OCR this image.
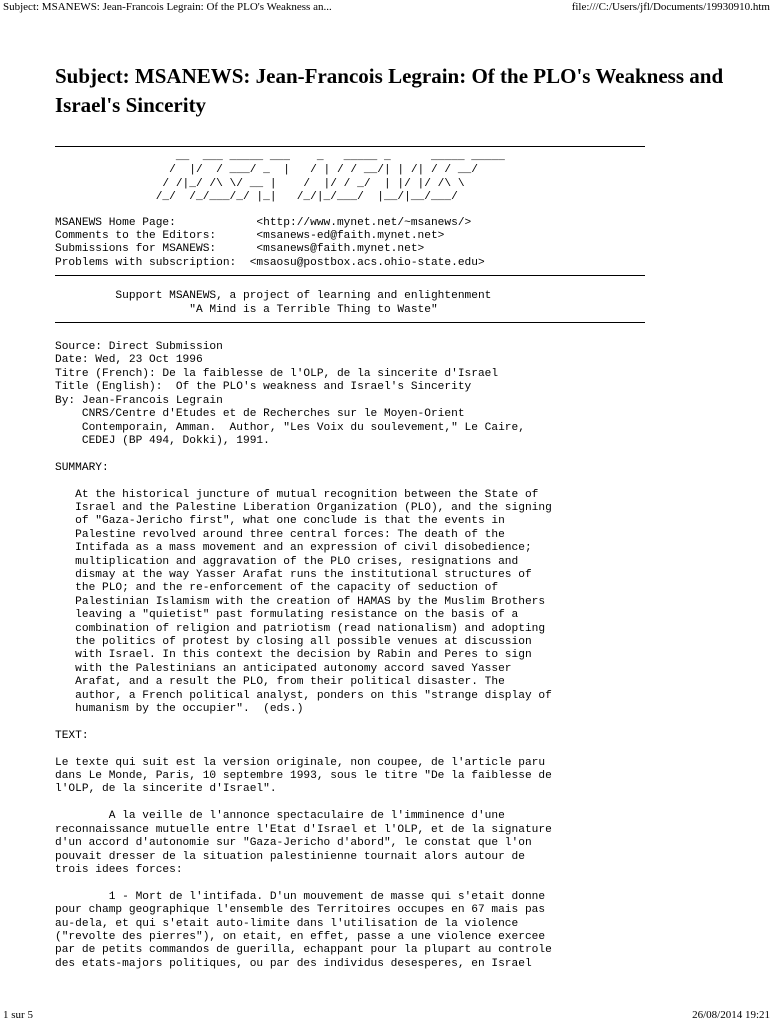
Subject: MSANEWS: Jean-Francois Legrain: Of the PLO's Weakness an...	file:///C:/Users/jfl/Documents/19930910.htm
Subject: MSANEWS: Jean-Francois Legrain: Of the PLO's Weakness and
Israel's Sincerity
__  ___ _____ ___    _   _____ _      _____ _____
/  |/  / ___/ _  |   / | / / __/| | /| / / __/
/ /|_/ /\ \/ __ |    /  |/ / _/  | |/ |/ /\ \
/_/  /_/___/_/ |_|   /_/|_/___/  |__/|__/___/
MSANEWS Home Page:            <http://www.mynet.net/~msanews/>
Comments to the Editors:      <msanews-ed@faith.mynet.net>
Submissions for MSANEWS:      <msanews@faith.mynet.net>
Problems with subscription:  <msaosu@postbox.acs.ohio-state.edu>
Support MSANEWS, a project of learning and enlightenment
"A Mind is a Terrible Thing to Waste"
Source: Direct Submission
Date: Wed, 23 Oct 1996
Titre (French): De la faiblesse de l'OLP, de la sincerite d'Israel
Title (English):  Of the PLO's weakness and Israel's Sincerity
By: Jean-Francois Legrain
CNRS/Centre d'Etudes et de Recherches sur le Moyen-Orient
Contemporain, Amman.  Author, "Les Voix du soulevement," Le Caire,
CEDEJ (BP 494, Dokki), 1991.

SUMMARY:

At the historical juncture of mutual recognition between the State of
Israel and the Palestine Liberation Organization (PLO), and the signing
of "Gaza-Jericho first", what one conclude is that the events in
Palestine revolved around three central forces: The death of the
Intifada as a mass movement and an expression of civil disobedience;
multiplication and aggravation of the PLO crises, resignations and
dismay at the way Yasser Arafat runs the institutional structures of
the PLO; and the re-enforcement of the capacity of seduction of
Palestinian Islamism with the creation of HAMAS by the Muslim Brothers
leaving a "quietist" past formulating resistance on the basis of a
combination of religion and patriotism (read nationalism) and adopting
the politics of protest by closing all possible venues at discussion
with Israel. In this context the decision by Rabin and Peres to sign
with the Palestinians an anticipated autonomy accord saved Yasser
Arafat, and a result the PLO, from their political disaster. The
author, a French political analyst, ponders on this "strange display of
humanism by the occupier".  (eds.)

TEXT:

Le texte qui suit est la version originale, non coupee, de l'article paru
dans Le Monde, Paris, 10 septembre 1993, sous le titre "De la faiblesse de
l'OLP, de la sincerite d'Israel".

A la veille de l'annonce spectaculaire de l'imminence d'une
reconnaissance mutuelle entre l'Etat d'Israel et l'OLP, et de la signature
d'un accord d'autonomie sur "Gaza-Jericho d'abord", le constat que l'on
pouvait dresser de la situation palestinienne tournait alors autour de
trois idees forces:

1 - Mort de l'intifada. D'un mouvement de masse qui s'etait donne
pour champ geographique l'ensemble des Territoires occupes en 67 mais pas
au-dela, et qui s'etait auto-limite dans l'utilisation de la violence
("revolte des pierres"), on etait, en effet, passe a une violence exercee
par de petits commandos de guerilla, echappant pour la plupart au controle
des etats-majors politiques, ou par des individus desesperes, en Israel
1 sur 5	26/08/2014 19:21
